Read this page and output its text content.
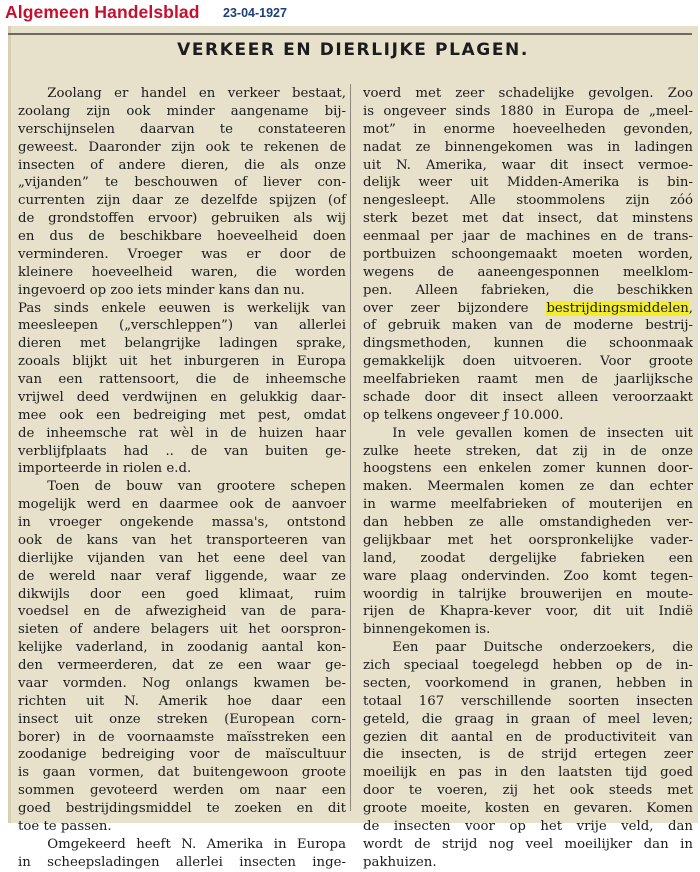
Algemeen Handelsblad 23-04-1927
VERKEER EN DIERLIJKE PLAGEN.
Zoolang er handel en verkeer bestaat,
zoolang zijn ook minder aangename bij-
verschijnselen daarvan te constateeren
geweest. Daaronder zijn ook te rekenen de
insecten of andere dieren, die als onze
„vijanden” te beschouwen of liever con-
currenten zijn daar ze dezelfde spijzen (of
de grondstoffen ervoor) gebruiken als wij
en dus de beschikbare hoeveelheid doen
verminderen. Vroeger was er door de
kleinere hoeveelheid waren, die worden
ingevoerd op zoo iets minder kans dan nu.
Pas sinds enkele eeuwen is werkelijk van
meesleepen („verschleppen”) van allerlei
dieren met belangrijke ladingen sprake,
zooals blijkt uit het inburgeren in Europa
van een rattensoort, die de inheemsche
vrijwel deed verdwijnen en gelukkig daar-
mee ook een bedreiging met pest, omdat
de inheemsche rat wèl in de huizen haar
verblijfplaats had .. de van buiten ge-
importeerde in riolen e.d.
Toen de bouw van grootere schepen
mogelijk werd en daarmee ook de aanvoer
in vroeger ongekende massa's, ontstond
ook de kans van het transporteeren van
dierlijke vijanden van het eene deel van
de wereld naar veraf liggende, waar ze
dikwijls door een goed klimaat, ruim
voedsel en de afwezigheid van de para-
sieten of andere belagers uit het oorspron-
kelijke vaderland, in zoodanig aantal kon-
den vermeerderen, dat ze een waar ge-
vaar vormden. Nog onlangs kwamen be-
richten uit N. Amerik hoe daar een
insect uit onze streken (European corn-
borer) in de voornaamste maïsstreken een
zoodanige bedreiging voor de maïscultuur
is gaan vormen, dat buitengewoon groote
sommen gevoteerd werden om naar een
goed bestrijdingsmiddel te zoeken en dit
toe te passen.
Omgekeerd heeft N. Amerika in Europa
in scheepsladingen allerlei insecten inge-
voerd met zeer schadelijke gevolgen. Zoo
is ongeveer sinds 1880 in Europa de „meel-
mot” in enorme hoeveelheden gevonden,
nadat ze binnengekomen was in ladingen
uit N. Amerika, waar dit insect vermoe-
delijk weer uit Midden-Amerika is bin-
nengesleept. Alle stoommolens zijn zóó
sterk bezet met dat insect, dat minstens
eenmaal per jaar de machines en de trans-
portbuizen schoongemaakt moeten worden,
wegens de aaneengesponnen meelklom-
pen. Alleen fabrieken, die beschikken
over zeer bijzondere bestrijdingsmiddelen,
of gebruik maken van de moderne bestrij-
dingsmethoden, kunnen die schoonmaak
gemakkelijk doen uitvoeren. Voor groote
meelfabrieken raamt men de jaarlijksche
schade door dit insect alleen veroorzaakt
op telkens ongeveer ƒ 10.000.
In vele gevallen komen de insecten uit
zulke heete streken, dat zij in de onze
hoogstens een enkelen zomer kunnen door-
maken. Meermalen komen ze dan echter
in warme meelfabrieken of mouterijen en
dan hebben ze alle omstandigheden ver-
gelijkbaar met het oorspronkelijke vader-
land, zoodat dergelijke fabrieken een
ware plaag ondervinden. Zoo komt tegen-
woordig in talrijke brouwerijen en moute-
rijen de Khapra-kever voor, dit uit Indië
binnengekomen is.
Een paar Duitsche onderzoekers, die
zich speciaal toegelegd hebben op de in-
secten, voorkomend in granen, hebben in
totaal 167 verschillende soorten insecten
geteld, die graag in graan of meel leven;
gezien dit aantal en de productiviteit van
die insecten, is de strijd ertegen zeer
moeilijk en pas in den laatsten tijd goed
door te voeren, zij het ook steeds met
groote moeite, kosten en gevaren. Komen
de insecten voor op het vrije veld, dan
wordt de strijd nog veel moeilijker dan in
pakhuizen.
